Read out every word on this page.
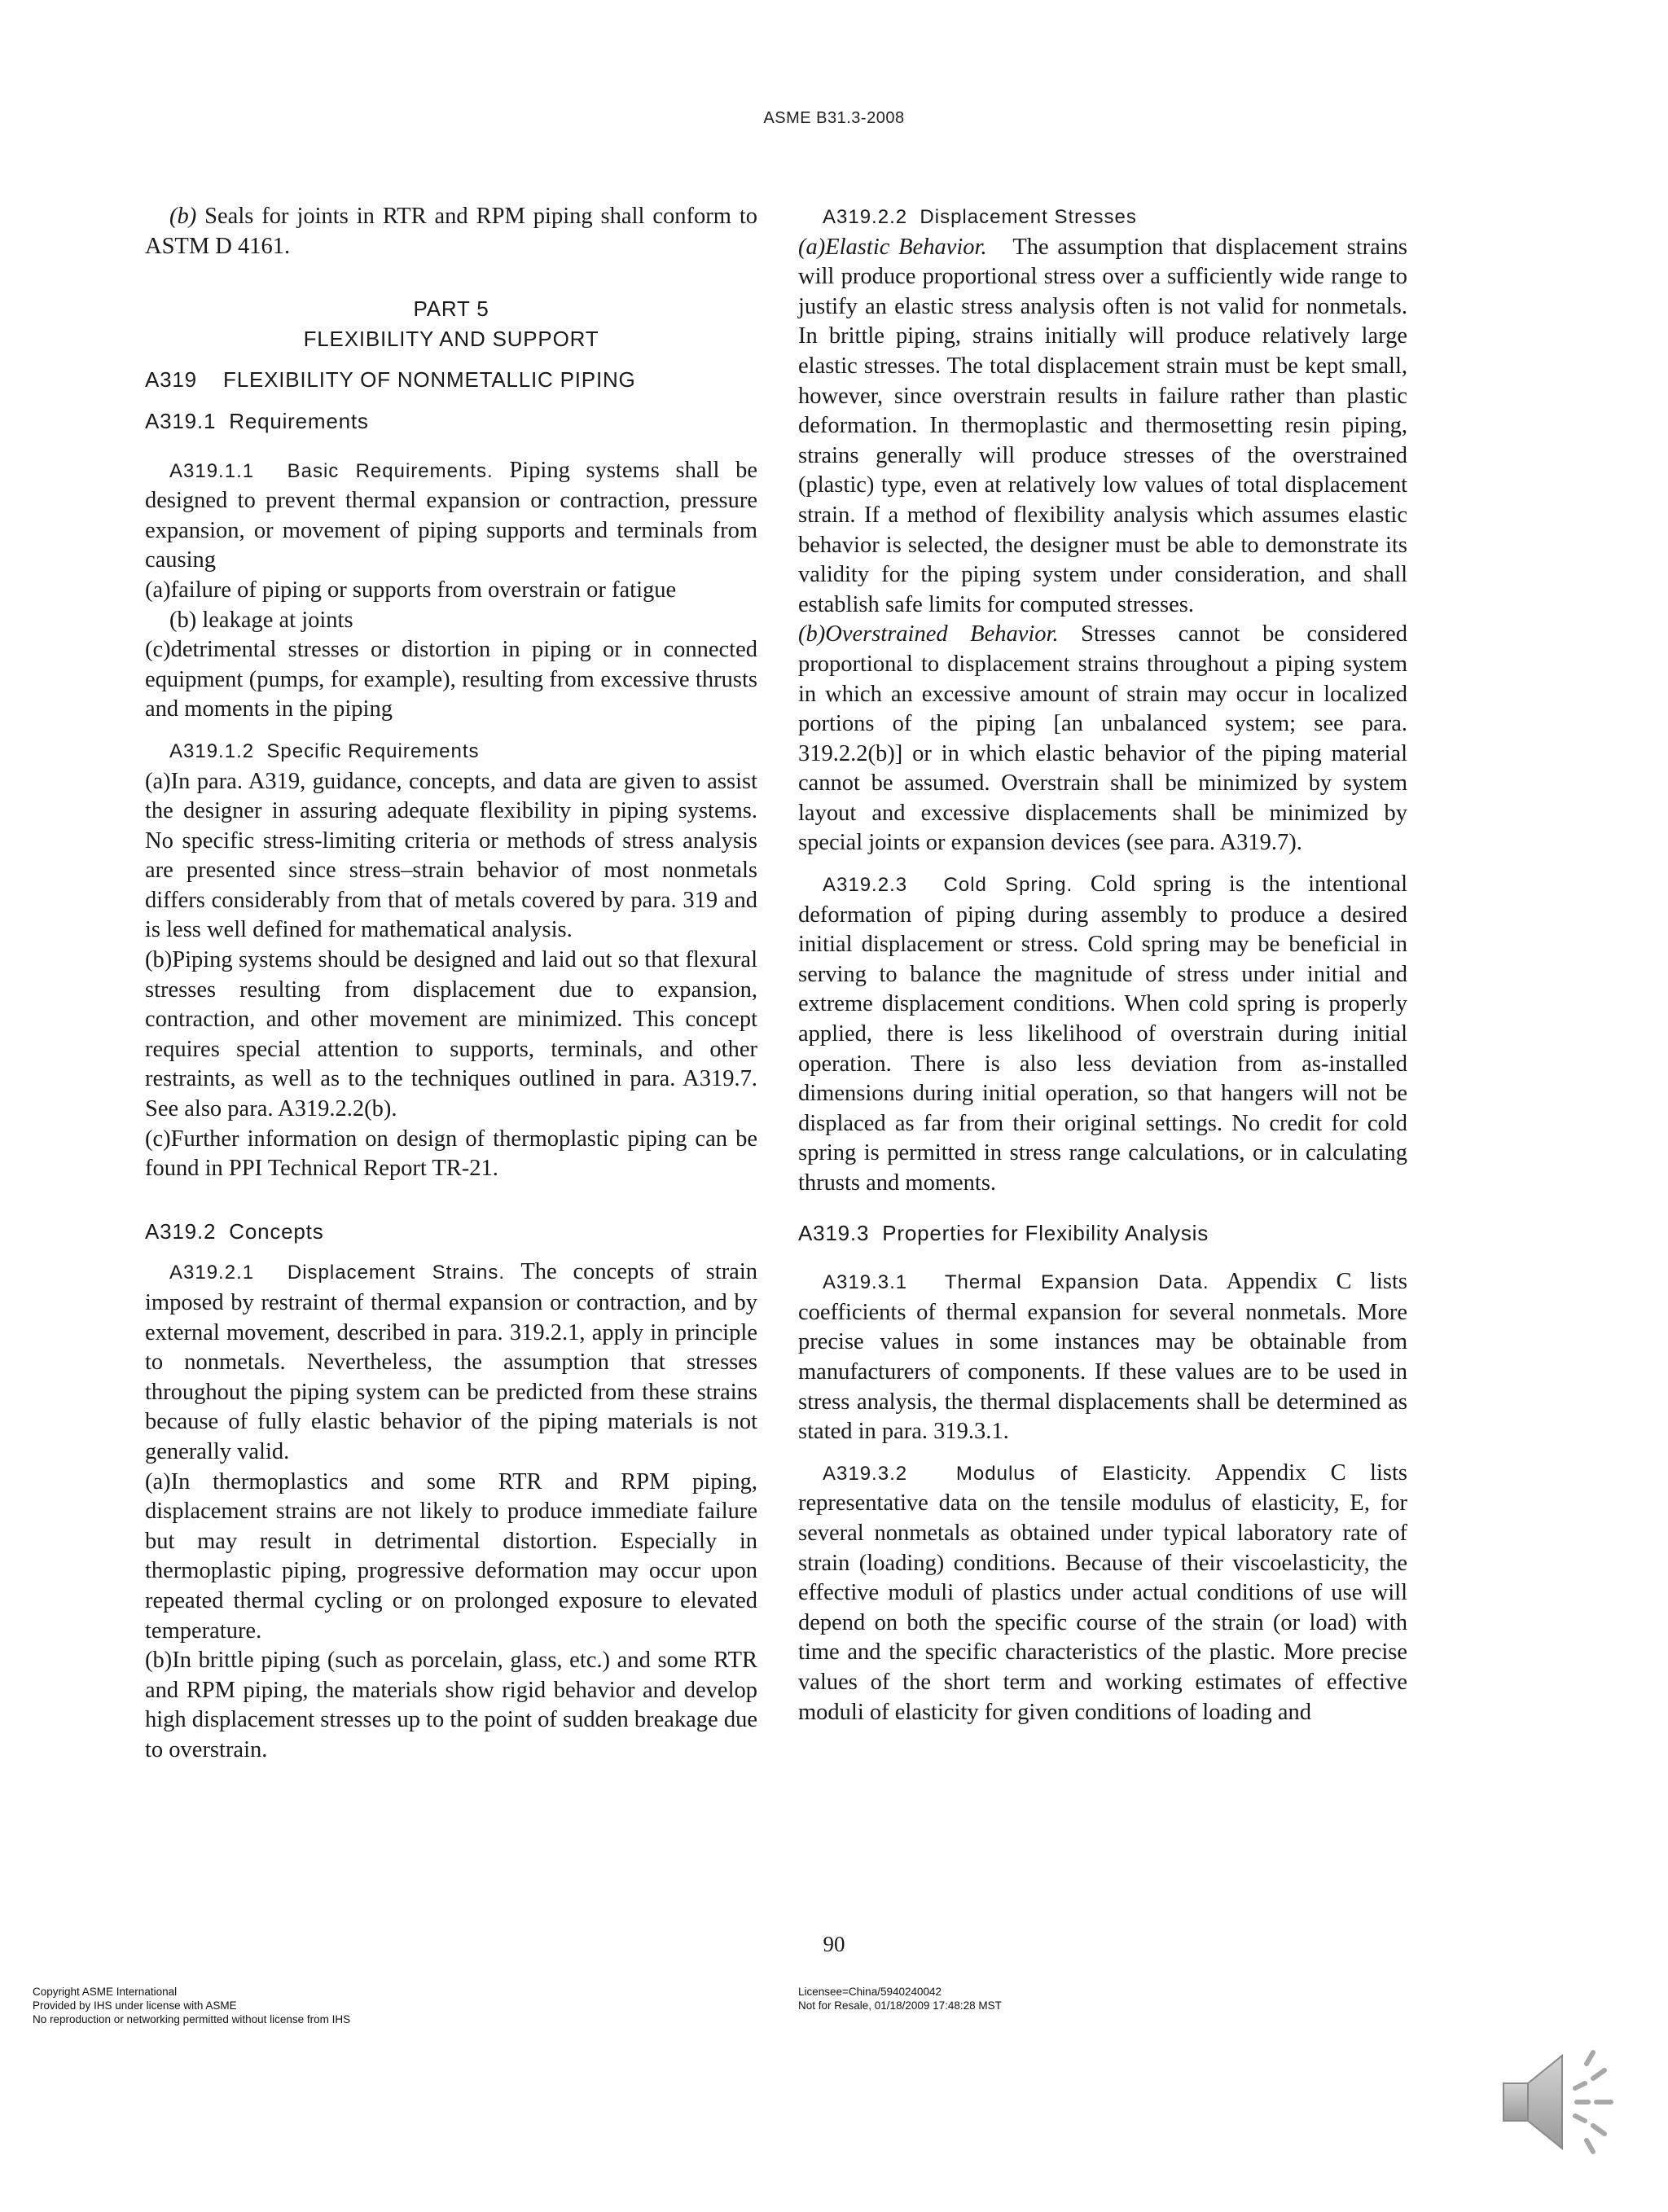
ASME B31.3-2008

(b) Seals for joints in RTR and RPM piping shall conform to ASTM D 4161.

PART 5

FLEXIBILITY AND SUPPORT

A319    FLEXIBILITY OF NONMETALLIC PIPING

A319.1  Requirements

A319.1.1  Basic Requirements. Piping systems shall be designed to prevent thermal expansion or contraction, pressure expansion, or movement of piping supports and terminals from causing

(a)failure of piping or supports from overstrain or fatigue

(b) leakage at joints

(c)detrimental stresses or distortion in piping or in connected equipment (pumps, for example), resulting from excessive thrusts and moments in the piping

A319.1.2  Specific Requirements

(a)In para. A319, guidance, concepts, and data are given to assist the designer in assuring adequate flexibility in piping systems. No specific stress-limiting criteria or methods of stress analysis are presented since stress–strain behavior of most nonmetals differs considerably from that of metals covered by para. 319 and is less well defined for mathematical analysis.

(b)Piping systems should be designed and laid out so that flexural stresses resulting from displacement due to expansion, contraction, and other movement are minimized. This concept requires special attention to supports, terminals, and other restraints, as well as to the techniques outlined in para. A319.7. See also para. A319.2.2(b).

(c)Further information on design of thermoplastic piping can be found in PPI Technical Report TR-21.

A319.2  Concepts

A319.2.1  Displacement Strains. The concepts of strain imposed by restraint of thermal expansion or contraction, and by external movement, described in para. 319.2.1, apply in principle to nonmetals. Nevertheless, the assumption that stresses throughout the piping system can be predicted from these strains because of fully elastic behavior of the piping materials is not generally valid.

(a)In thermoplastics and some RTR and RPM piping, displacement strains are not likely to produce immediate failure but may result in detrimental distortion. Especially in thermoplastic piping, progressive deformation may occur upon repeated thermal cycling or on prolonged exposure to elevated temperature.

(b)In brittle piping (such as porcelain, glass, etc.) and some RTR and RPM piping, the materials show rigid behavior and develop high displacement stresses up to the point of sudden breakage due to overstrain.

A319.2.2  Displacement Stresses

(a)Elastic Behavior.   The assumption that displacement strains will produce proportional stress over a sufficiently wide range to justify an elastic stress analysis often is not valid for nonmetals. In brittle piping, strains initially will produce relatively large elastic stresses. The total displacement strain must be kept small, however, since overstrain results in failure rather than plastic deformation. In thermoplastic and thermosetting resin piping, strains generally will produce stresses of the overstrained (plastic) type, even at relatively low values of total displacement strain. If a method of flexibility analysis which assumes elastic behavior is selected, the designer must be able to demonstrate its validity for the piping system under consideration, and shall establish safe limits for computed stresses.

(b)Overstrained Behavior. Stresses cannot be considered proportional to displacement strains throughout a piping system in which an excessive amount of strain may occur in localized portions of the piping [an unbalanced system; see para. 319.2.2(b)] or in which elastic behavior of the piping material cannot be assumed. Overstrain shall be minimized by system layout and excessive displacements shall be minimized by special joints or expansion devices (see para. A319.7).

A319.2.3  Cold Spring. Cold spring is the intentional deformation of piping during assembly to produce a desired initial displacement or stress. Cold spring may be beneficial in serving to balance the magnitude of stress under initial and extreme displacement conditions. When cold spring is properly applied, there is less likelihood of overstrain during initial operation. There is also less deviation from as-installed dimensions during initial operation, so that hangers will not be displaced as far from their original settings. No credit for cold spring is permitted in stress range calculations, or in calculating thrusts and moments.

A319.3  Properties for Flexibility Analysis

A319.3.1  Thermal Expansion Data. Appendix C lists coefficients of thermal expansion for several nonmetals. More precise values in some instances may be obtainable from manufacturers of components. If these values are to be used in stress analysis, the thermal displacements shall be determined as stated in para. 319.3.1.

A319.3.2  Modulus of Elasticity. Appendix C lists representative data on the tensile modulus of elasticity, E, for several nonmetals as obtained under typical laboratory rate of strain (loading) conditions. Because of their viscoelasticity, the effective moduli of plastics under actual conditions of use will depend on both the specific course of the strain (or load) with time and the specific characteristics of the plastic. More precise values of the short term and working estimates of effective moduli of elasticity for given conditions of loading and

90
Copyright ASME International
Provided by IHS under license with ASME
No reproduction or networking permitted without license from IHS
Licensee=China/5940240042
Not for Resale, 01/18/2009 17:48:28 MST
